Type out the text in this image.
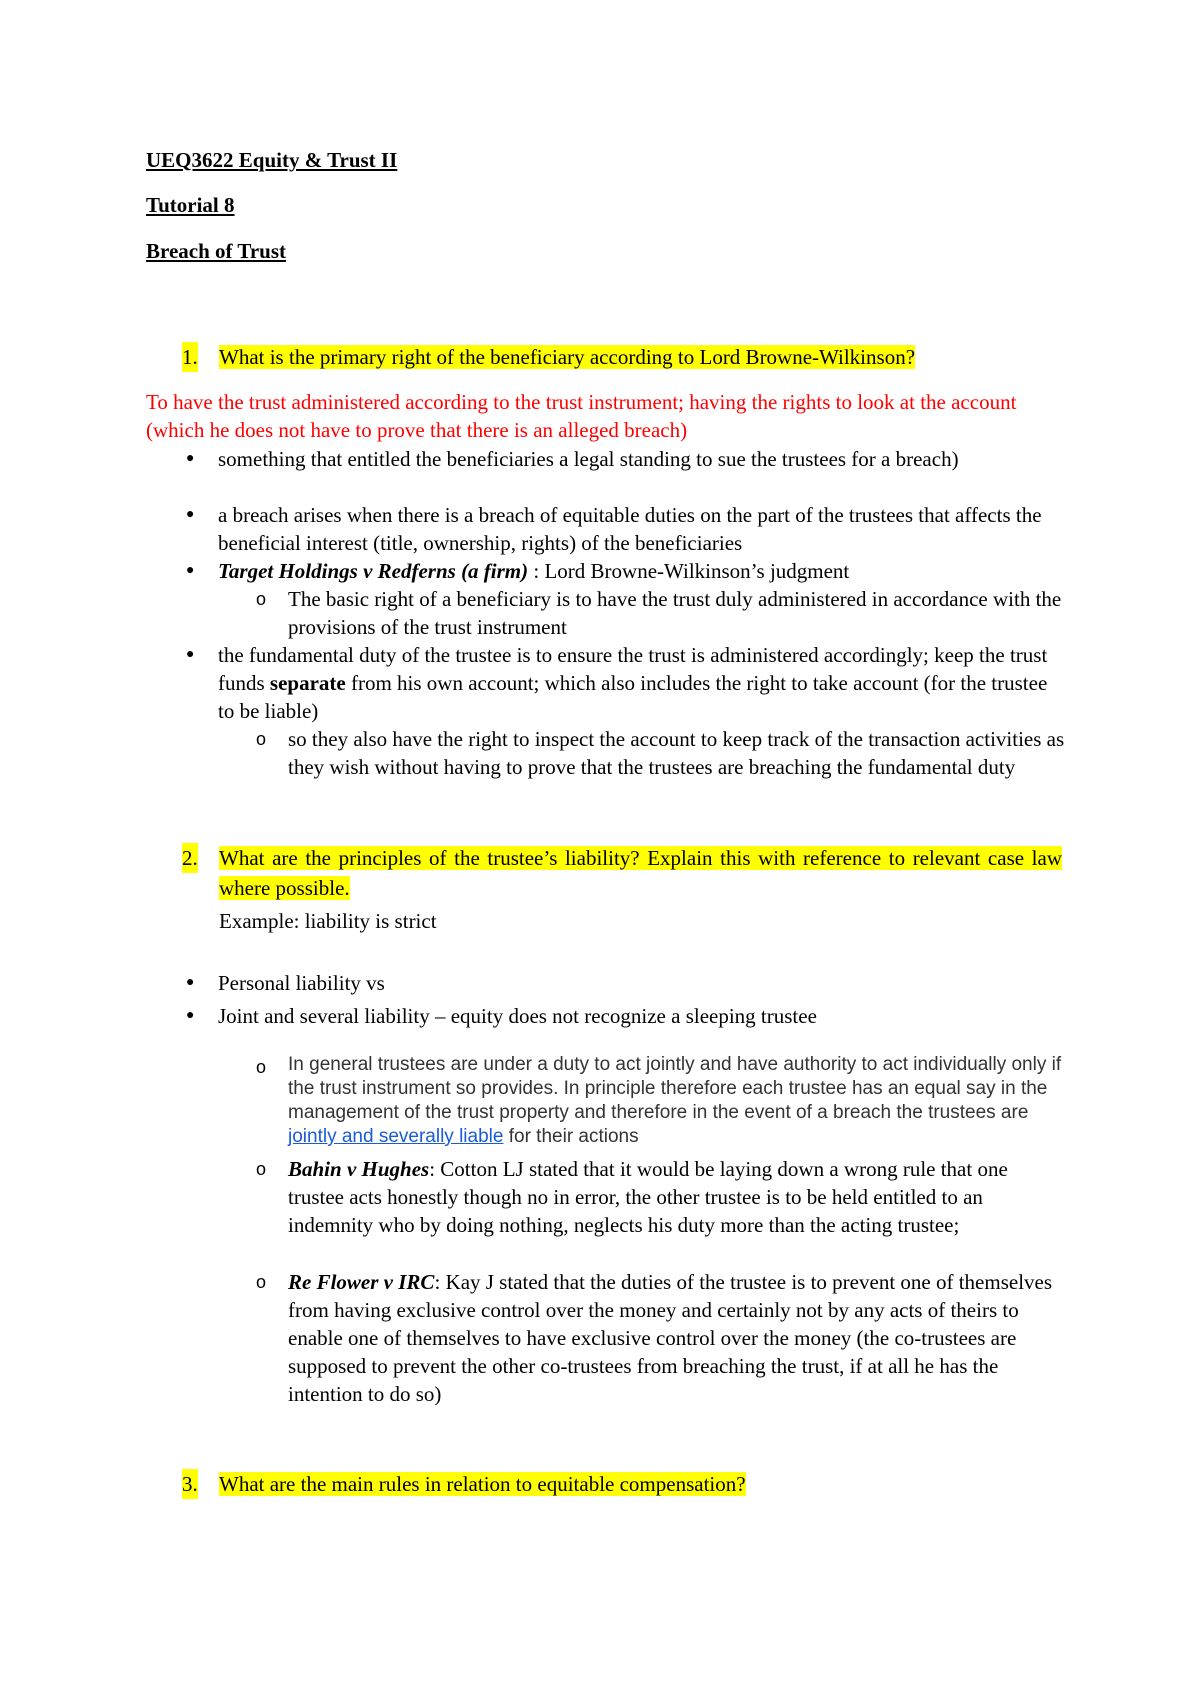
UEQ3622 Equity & Trust II
Tutorial 8
Breach of Trust
1. What is the primary right of the beneficiary according to Lord Browne-Wilkinson?
To have the trust administered according to the trust instrument; having the rights to look at the account (which he does not have to prove that there is an alleged breach)
● something that entitled the beneficiaries a legal standing to sue the trustees for a breach)
● a breach arises when there is a breach of equitable duties on the part of the trustees that affects the beneficial interest (title, ownership, rights) of the beneficiaries
● Target Holdings v Redferns (a firm) : Lord Browne-Wilkinson’s judgment
o The basic right of a beneficiary is to have the trust duly administered in accordance with the provisions of the trust instrument
● the fundamental duty of the trustee is to ensure the trust is administered accordingly; keep the trust funds separate from his own account; which also includes the right to take account (for the trustee to be liable)
o so they also have the right to inspect the account to keep track of the transaction activities as they wish without having to prove that the trustees are breaching the fundamental duty
2. What are the principles of the trustee’s liability? Explain this with reference to relevant case law where possible.
Example: liability is strict
● Personal liability vs
● Joint and several liability – equity does not recognize a sleeping trustee
o In general trustees are under a duty to act jointly and have authority to act individually only if the trust instrument so provides. In principle therefore each trustee has an equal say in the management of the trust property and therefore in the event of a breach the trustees are jointly and severally liable for their actions
o Bahin v Hughes: Cotton LJ stated that it would be laying down a wrong rule that one trustee acts honestly though no in error, the other trustee is to be held entitled to an indemnity who by doing nothing, neglects his duty more than the acting trustee;
o Re Flower v IRC: Kay J stated that the duties of the trustee is to prevent one of themselves from having exclusive control over the money and certainly not by any acts of theirs to enable one of themselves to have exclusive control over the money (the co-trustees are supposed to prevent the other co-trustees from breaching the trust, if at all he has the intention to do so)
3. What are the main rules in relation to equitable compensation?
